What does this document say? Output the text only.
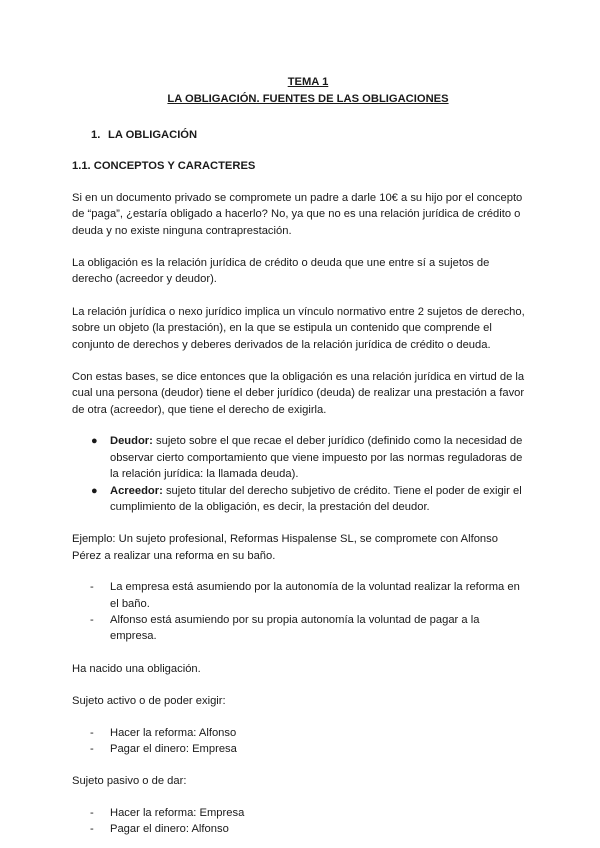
TEMA 1
LA OBLIGACIÓN. FUENTES DE LAS OBLIGACIONES
1. LA OBLIGACIÓN
1.1. CONCEPTOS Y CARACTERES

Si en un documento privado se compromete un padre a darle 10€ a su hijo por el concepto de “paga”, ¿estaría obligado a hacerlo? No, ya que no es una relación jurídica de crédito o deuda y no existe ninguna contraprestación.

La obligación es la relación jurídica de crédito o deuda que une entre sí a sujetos de derecho (acreedor y deudor).

La relación jurídica o nexo jurídico implica un vínculo normativo entre 2 sujetos de derecho, sobre un objeto (la prestación), en la que se estipula un contenido que comprende el conjunto de derechos y deberes derivados de la relación jurídica de crédito o deuda.

Con estas bases, se dice entonces que la obligación es una relación jurídica en virtud de la cual una persona (deudor) tiene el deber jurídico (deuda) de realizar una prestación a favor de otra (acreedor), que tiene el derecho de exigirla.

● Deudor: sujeto sobre el que recae el deber jurídico (definido como la necesidad de observar cierto comportamiento que viene impuesto por las normas reguladoras de la relación jurídica: la llamada deuda).
● Acreedor: sujeto titular del derecho subjetivo de crédito. Tiene el poder de exigir el cumplimiento de la obligación, es decir, la prestación del deudor.

Ejemplo: Un sujeto profesional, Reformas Hispalense SL, se compromete con Alfonso Pérez a realizar una reforma en su baño.

- La empresa está asumiendo por la autonomía de la voluntad realizar la reforma en el baño.
- Alfonso está asumiendo por su propia autonomía la voluntad de pagar a la empresa.

Ha nacido una obligación.

Sujeto activo o de poder exigir:

- Hacer la reforma: Alfonso
- Pagar el dinero: Empresa

Sujeto pasivo o de dar:

- Hacer la reforma: Empresa
- Pagar el dinero: Alfonso
